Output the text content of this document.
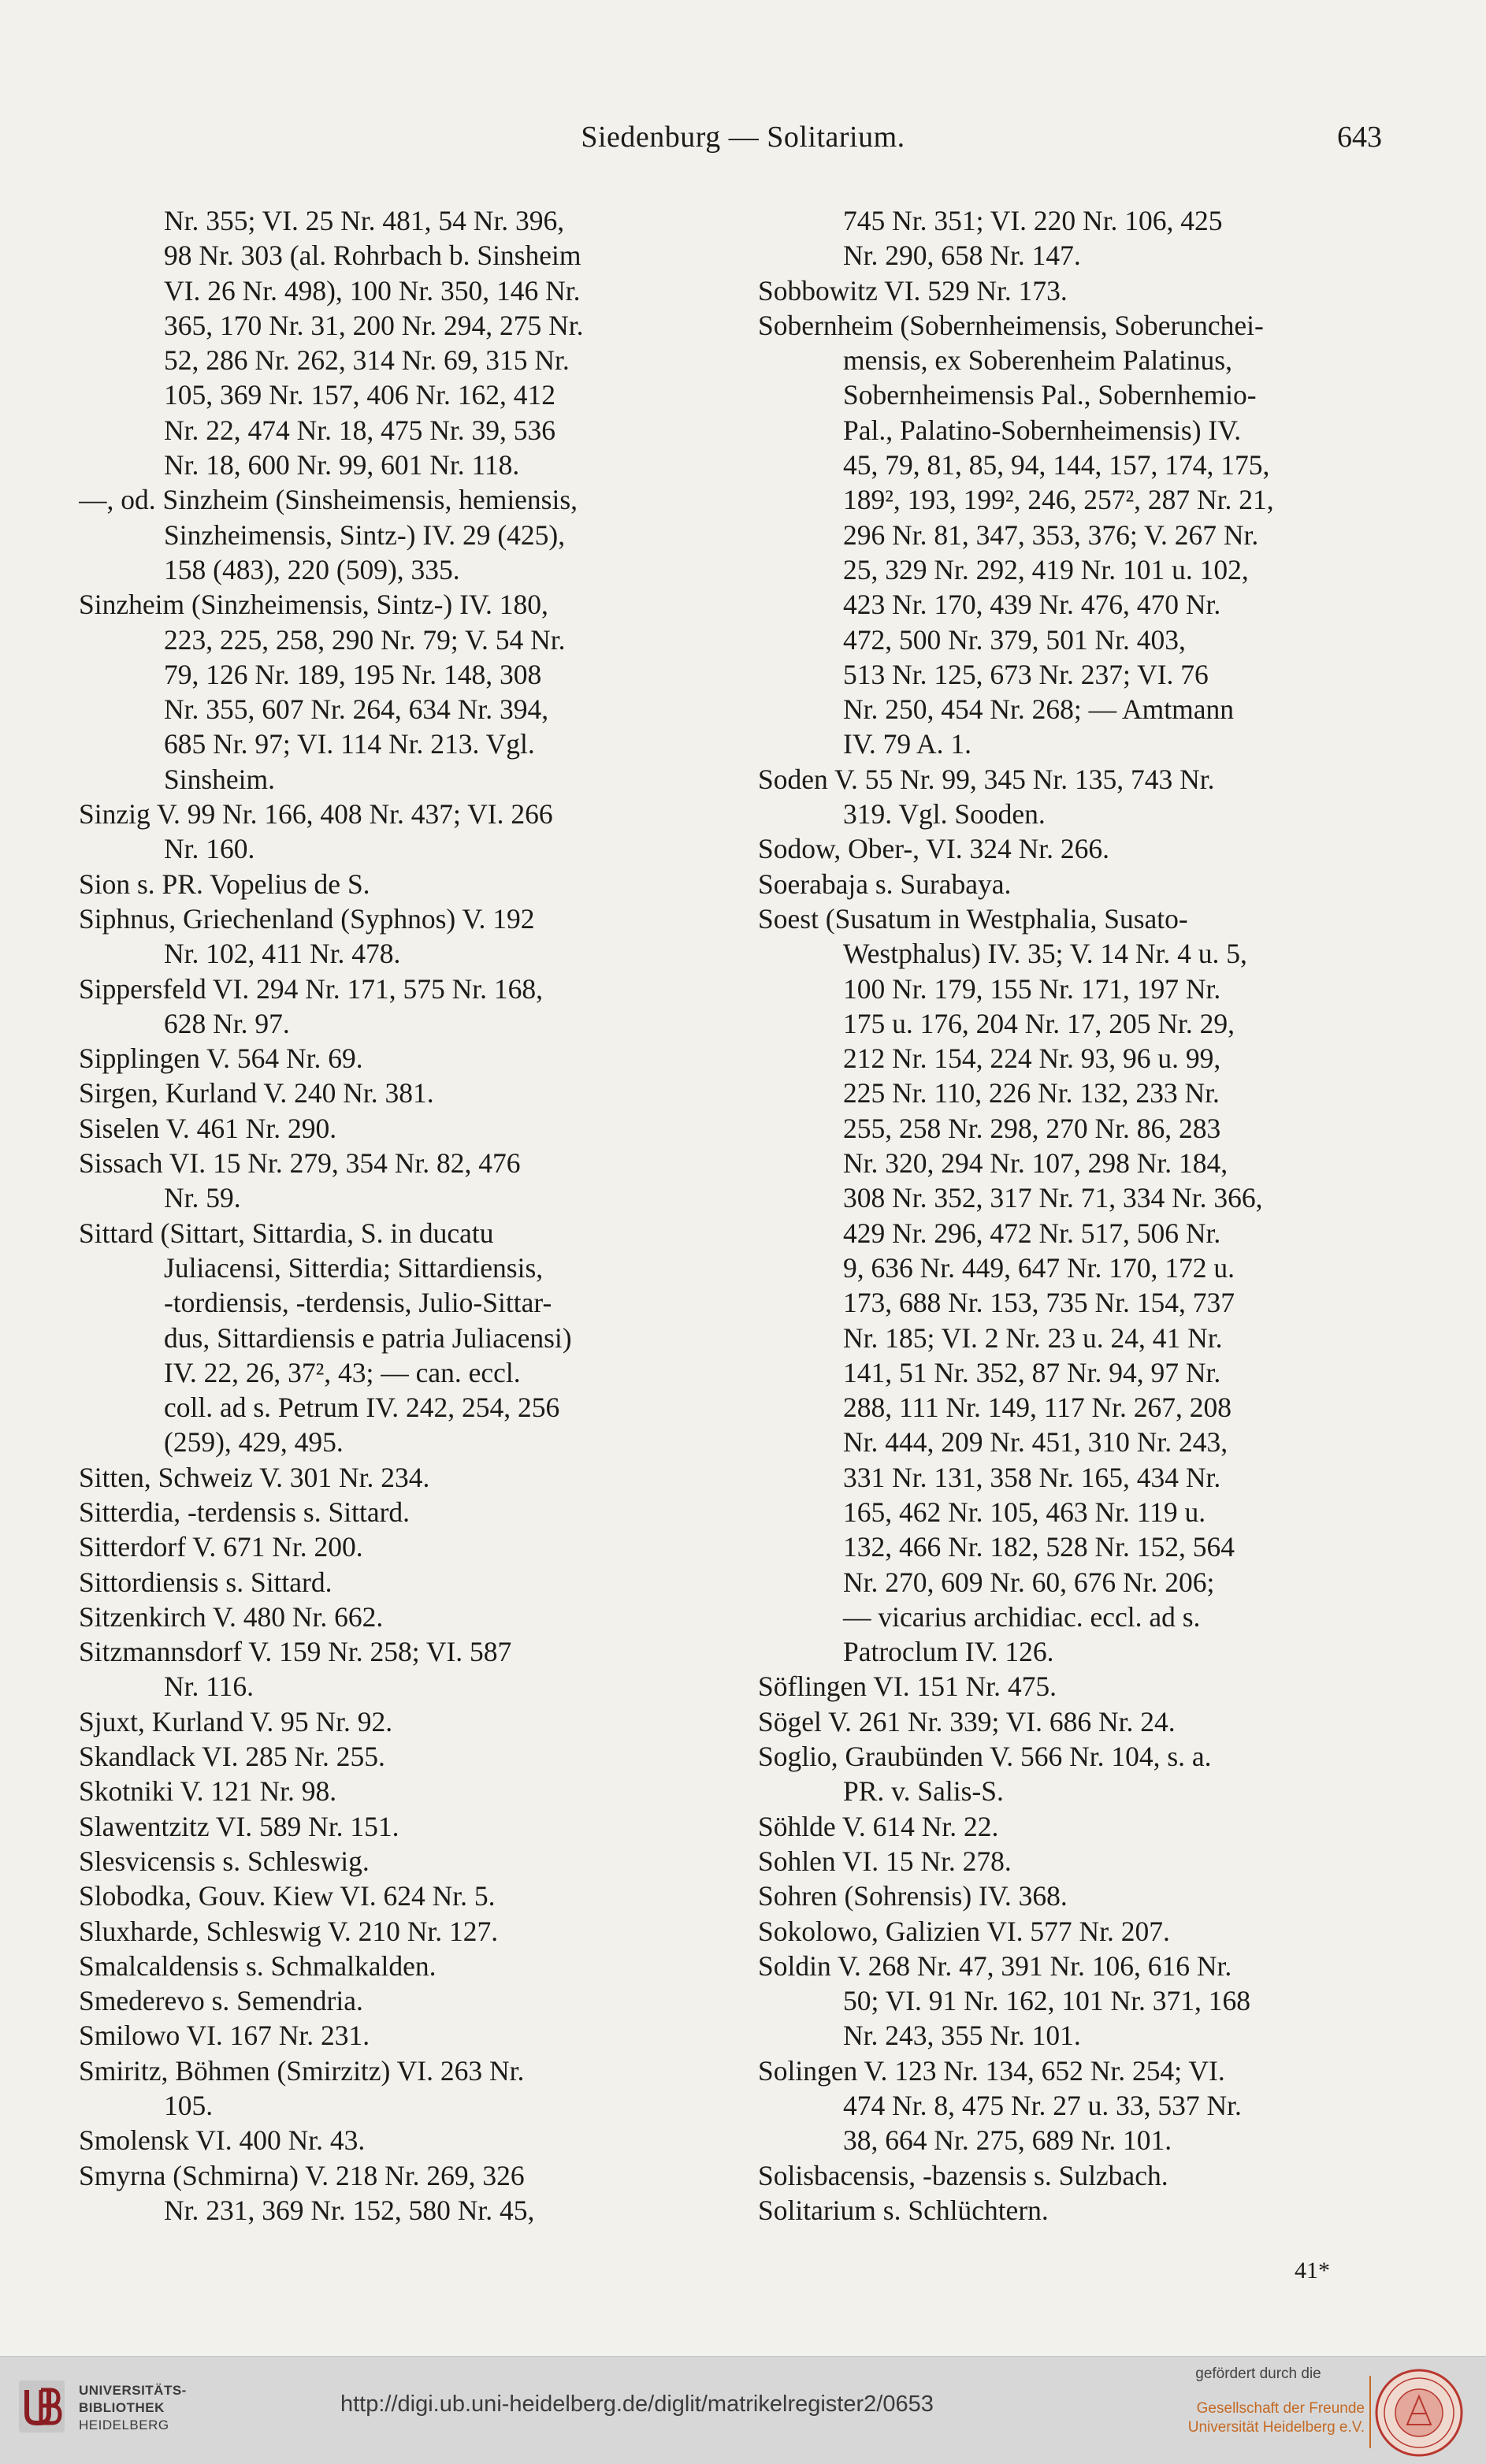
Siedenburg — Solitarium.	643
Nr. 355; VI. 25 Nr. 481, 54 Nr. 396,
98 Nr. 303 (al. Rohrbach b. Sinsheim
VI. 26 Nr. 498), 100 Nr. 350, 146 Nr.
365, 170 Nr. 31, 200 Nr. 294, 275 Nr.
52, 286 Nr. 262, 314 Nr. 69, 315 Nr.
105, 369 Nr. 157, 406 Nr. 162, 412
Nr. 22, 474 Nr. 18, 475 Nr. 39, 536
Nr. 18, 600 Nr. 99, 601 Nr. 118.
—, od. Sinzheim (Sinsheimensis, hemiensis,
Sinzheimensis, Sintz-) IV. 29 (425),
158 (483), 220 (509), 335.
Sinzheim (Sinzheimensis, Sintz-) IV. 180,
223, 225, 258, 290 Nr. 79; V. 54 Nr.
79, 126 Nr. 189, 195 Nr. 148, 308
Nr. 355, 607 Nr. 264, 634 Nr. 394,
685 Nr. 97; VI. 114 Nr. 213. Vgl.
Sinsheim.
Sinzig V. 99 Nr. 166, 408 Nr. 437; VI. 266
Nr. 160.
Sion s. PR. Vopelius de S.
Siphnus, Griechenland (Syphnos) V. 192
Nr. 102, 411 Nr. 478.
Sippersfeld VI. 294 Nr. 171, 575 Nr. 168,
628 Nr. 97.
Sipplingen V. 564 Nr. 69.
Sirgen, Kurland V. 240 Nr. 381.
Siselen V. 461 Nr. 290.
Sissach VI. 15 Nr. 279, 354 Nr. 82, 476
Nr. 59.
Sittard (Sittart, Sittardia, S. in ducatu
Juliacensi, Sitterdia; Sittardiensis,
-tordiensis, -terdensis, Julio-Sittar-
dus, Sittardiensis e patria Juliacensi)
IV. 22, 26, 37², 43; — can. eccl.
coll. ad s. Petrum IV. 242, 254, 256
(259), 429, 495.
Sitten, Schweiz V. 301 Nr. 234.
Sitterdia, -terdensis s. Sittard.
Sitterdorf V. 671 Nr. 200.
Sittordiensis s. Sittard.
Sitzenkirch V. 480 Nr. 662.
Sitzmannsdorf V. 159 Nr. 258; VI. 587
Nr. 116.
Sjuxt, Kurland V. 95 Nr. 92.
Skandlack VI. 285 Nr. 255.
Skotniki V. 121 Nr. 98.
Slawentzitz VI. 589 Nr. 151.
Slesvicensis s. Schleswig.
Slobodka, Gouv. Kiew VI. 624 Nr. 5.
Sluxharde, Schleswig V. 210 Nr. 127.
Smalcaldensis s. Schmalkalden.
Smederevo s. Semendria.
Smilowo VI. 167 Nr. 231.
Smiritz, Böhmen (Smirzitz) VI. 263 Nr.
105.
Smolensk VI. 400 Nr. 43.
Smyrna (Schmirna) V. 218 Nr. 269, 326
Nr. 231, 369 Nr. 152, 580 Nr. 45,
745 Nr. 351; VI. 220 Nr. 106, 425
Nr. 290, 658 Nr. 147.
Sobbowitz VI. 529 Nr. 173.
Sobernheim (Sobernheimensis, Soberunchei-
mensis, ex Soberenheim Palatinus,
Sobernheimensis Pal., Sobernhemio-
Pal., Palatino-Sobernheimensis) IV.
45, 79, 81, 85, 94, 144, 157, 174, 175,
189², 193, 199², 246, 257², 287 Nr. 21,
296 Nr. 81, 347, 353, 376; V. 267 Nr.
25, 329 Nr. 292, 419 Nr. 101 u. 102,
423 Nr. 170, 439 Nr. 476, 470 Nr.
472, 500 Nr. 379, 501 Nr. 403,
513 Nr. 125, 673 Nr. 237; VI. 76
Nr. 250, 454 Nr. 268; — Amtmann
IV. 79 A. 1.
Soden V. 55 Nr. 99, 345 Nr. 135, 743 Nr.
319. Vgl. Sooden.
Sodow, Ober-, VI. 324 Nr. 266.
Soerabaja s. Surabaya.
Soest (Susatum in Westphalia, Susato-
Westphalus) IV. 35; V. 14 Nr. 4 u. 5,
100 Nr. 179, 155 Nr. 171, 197 Nr.
175 u. 176, 204 Nr. 17, 205 Nr. 29,
212 Nr. 154, 224 Nr. 93, 96 u. 99,
225 Nr. 110, 226 Nr. 132, 233 Nr.
255, 258 Nr. 298, 270 Nr. 86, 283
Nr. 320, 294 Nr. 107, 298 Nr. 184,
308 Nr. 352, 317 Nr. 71, 334 Nr. 366,
429 Nr. 296, 472 Nr. 517, 506 Nr.
9, 636 Nr. 449, 647 Nr. 170, 172 u.
173, 688 Nr. 153, 735 Nr. 154, 737
Nr. 185; VI. 2 Nr. 23 u. 24, 41 Nr.
141, 51 Nr. 352, 87 Nr. 94, 97 Nr.
288, 111 Nr. 149, 117 Nr. 267, 208
Nr. 444, 209 Nr. 451, 310 Nr. 243,
331 Nr. 131, 358 Nr. 165, 434 Nr.
165, 462 Nr. 105, 463 Nr. 119 u.
132, 466 Nr. 182, 528 Nr. 152, 564
Nr. 270, 609 Nr. 60, 676 Nr. 206;
— vicarius archidiac. eccl. ad s.
Patroclum IV. 126.
Söflingen VI. 151 Nr. 475.
Sögel V. 261 Nr. 339; VI. 686 Nr. 24.
Soglio, Graubünden V. 566 Nr. 104, s. a.
PR. v. Salis-S.
Söhlde V. 614 Nr. 22.
Sohlen VI. 15 Nr. 278.
Sohren (Sohrensis) IV. 368.
Sokolowo, Galizien VI. 577 Nr. 207.
Soldin V. 268 Nr. 47, 391 Nr. 106, 616 Nr.
50; VI. 91 Nr. 162, 101 Nr. 371, 168
Nr. 243, 355 Nr. 101.
Solingen V. 123 Nr. 134, 652 Nr. 254; VI.
474 Nr. 8, 475 Nr. 27 u. 33, 537 Nr.
38, 664 Nr. 275, 689 Nr. 101.
Solisbacensis, -bazensis s. Sulzbach.
Solitarium s. Schlüchtern.
41*
UNIVERSITÄTS-
BIBLIOTHEK
HEIDELBERG
http://digi.ub.uni-heidelberg.de/diglit/matrikelregister2/0653
gefördert durch die
Gesellschaft der Freunde
Universität Heidelberg e.V.
